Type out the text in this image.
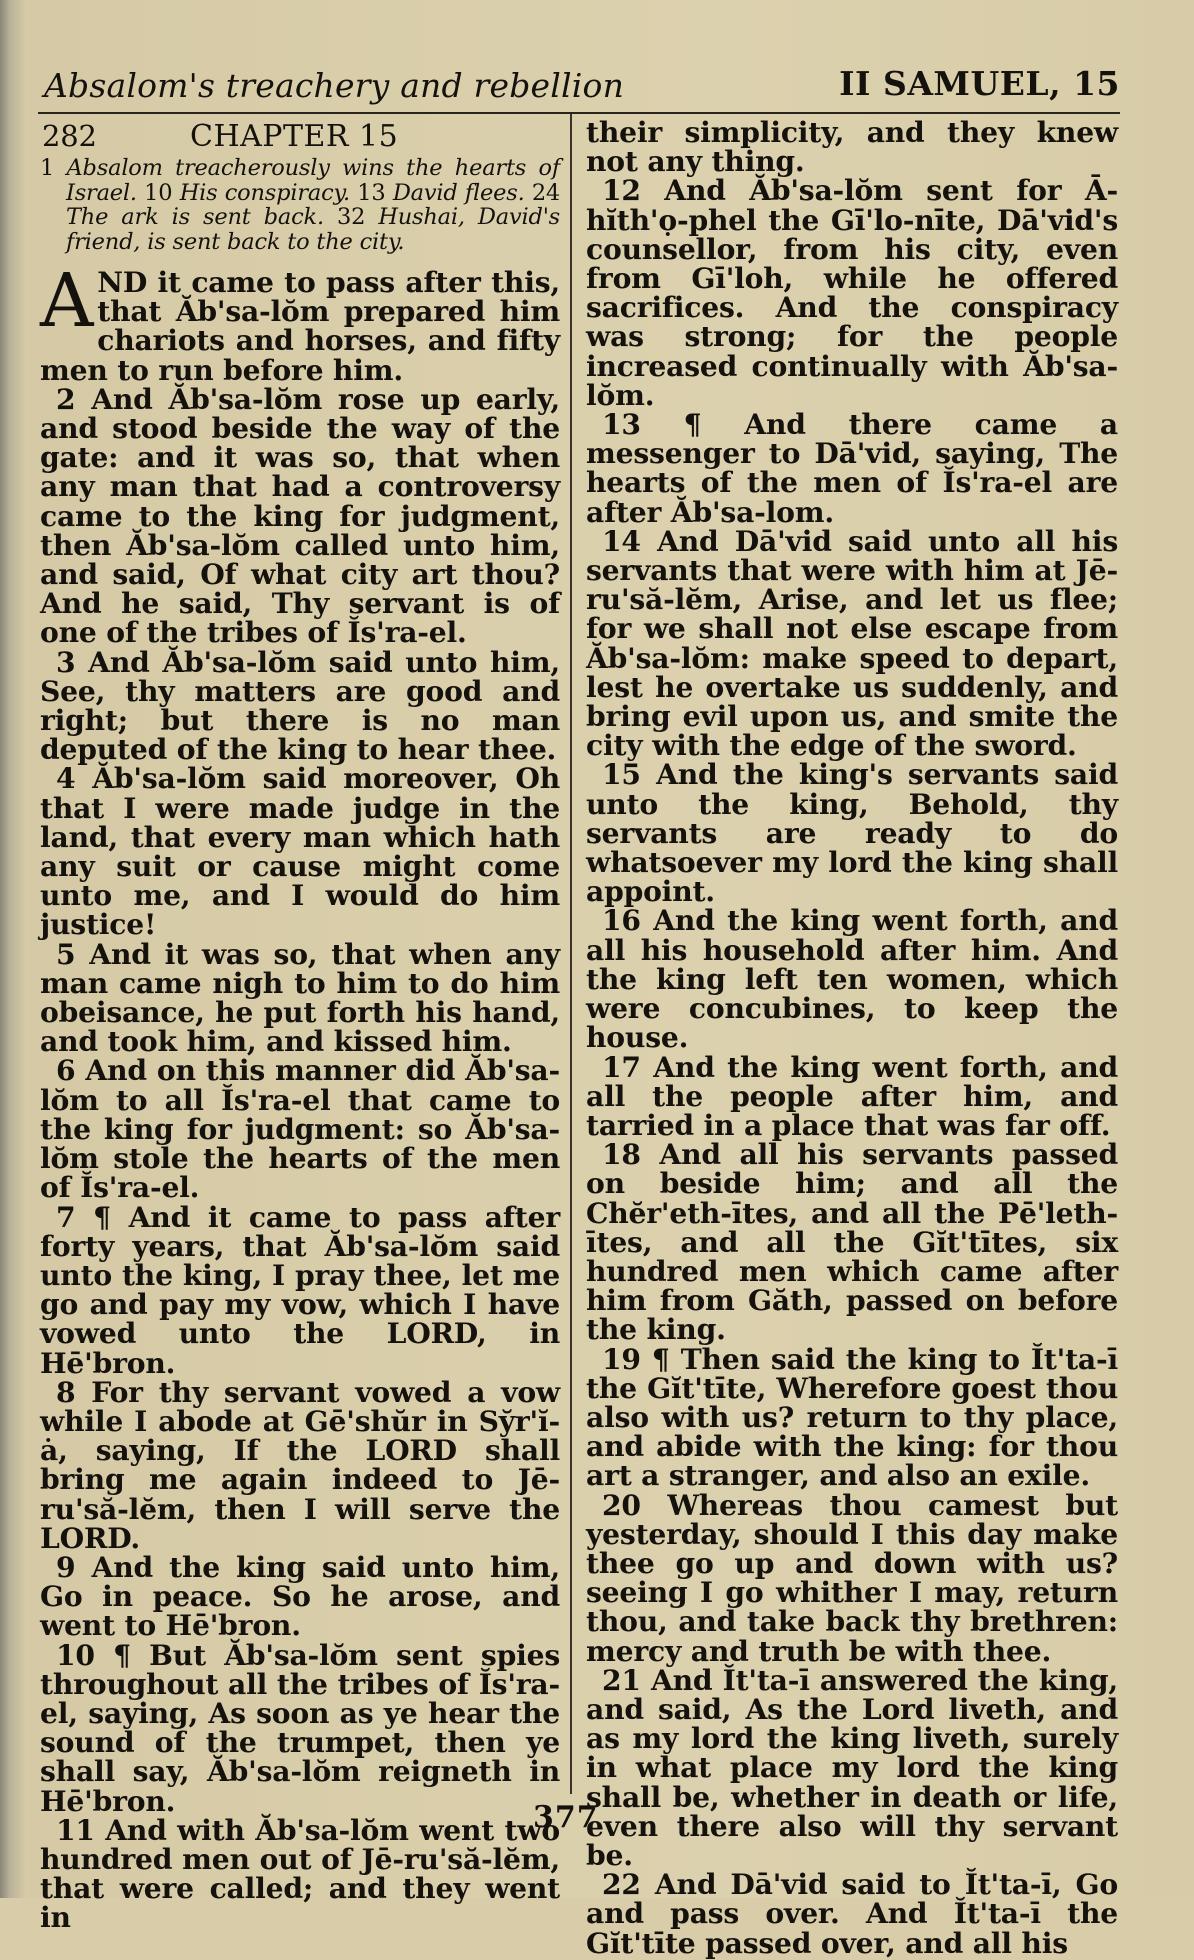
Absalom's treachery and rebellion	II SAMUEL, 15
282	CHAPTER 15
1 Absalom treacherously wins the hearts of Israel. 10 His conspiracy. 13 David flees. 24 The ark is sent back. 32 Hushai, David's friend, is sent back to the city.

AND it came to pass after this, that Ăb'sa-lŏm prepared him chariots and horses, and fifty men to run before him.

2 And Ăb'sa-lŏm rose up early, and stood beside the way of the gate: and it was so, that when any man that had a controversy came to the king for judgment, then Ăb'sa-lŏm called unto him, and said, Of what city art thou? And he said, Thy servant is of one of the tribes of Ĭs'ra-el.

3 And Ăb'sa-lŏm said unto him, See, thy matters are good and right; but there is no man deputed of the king to hear thee.

4 Ăb'sa-lŏm said moreover, Oh that I were made judge in the land, that every man which hath any suit or cause might come unto me, and I would do him justice!

5 And it was so, that when any man came nigh to him to do him obeisance, he put forth his hand, and took him, and kissed him.

6 And on this manner did Ăb'sa-lŏm to all Ĭs'ra-el that came to the king for judgment: so Ăb'sa-lŏm stole the hearts of the men of Ĭs'ra-el.

7 ¶ And it came to pass after forty years, that Ăb'sa-lŏm said unto the king, I pray thee, let me go and pay my vow, which I have vowed unto the LORD, in Hē'bron.

8 For thy servant vowed a vow while I abode at Gē'shŭr in Sy̆r'ĭ-ȧ, saying, If the LORD shall bring me again indeed to Jē-ru'să-lĕm, then I will serve the LORD.

9 And the king said unto him, Go in peace. So he arose, and went to Hē'bron.

10 ¶ But Ăb'sa-lŏm sent spies throughout all the tribes of Ĭs'ra-el, saying, As soon as ye hear the sound of the trumpet, then ye shall say, Ăb'sa-lŏm reigneth in Hē'bron.

11 And with Ăb'sa-lŏm went two hundred men out of Jē-ru'să-lĕm, that were called; and they went in

their simplicity, and they knew not any thing.

12 And Ăb'sa-lŏm sent for Ā-hĭth'ọ-phel the Gī'lo-nīte, Dā'vid's counsellor, from his city, even from Gī'loh, while he offered sacrifices. And the conspiracy was strong; for the people increased continually with Ăb'sa-lŏm.

13 ¶ And there came a messenger to Dā'vid, saying, The hearts of the men of Ĭs'ra-el are after Ăb'sa-lom.

14 And Dā'vid said unto all his servants that were with him at Jē-ru'să-lĕm, Arise, and let us flee; for we shall not else escape from Ăb'sa-lŏm: make speed to depart, lest he overtake us suddenly, and bring evil upon us, and smite the city with the edge of the sword.

15 And the king's servants said unto the king, Behold, thy servants are ready to do whatsoever my lord the king shall appoint.

16 And the king went forth, and all his household after him. And the king left ten women, which were concubines, to keep the house.

17 And the king went forth, and all the people after him, and tarried in a place that was far off.

18 And all his servants passed on beside him; and all the Chĕr'eth-ītes, and all the Pē'leth-ītes, and all the Gĭt'tītes, six hundred men which came after him from Găth, passed on before the king.

19 ¶ Then said the king to Ĭt'ta-ī the Gĭt'tīte, Wherefore goest thou also with us? return to thy place, and abide with the king: for thou art a stranger, and also an exile.

20 Whereas thou camest but yesterday, should I this day make thee go up and down with us? seeing I go whither I may, return thou, and take back thy brethren: mercy and truth be with thee.

21 And Ĭt'ta-ī answered the king, and said, As the Lord liveth, and as my lord the king liveth, surely in what place my lord the king shall be, whether in death or life, even there also will thy servant be.

22 And Dā'vid said to Ĭt'ta-ī, Go and pass over. And Ĭt'ta-ī the Gĭt'tīte passed over, and all his

377
